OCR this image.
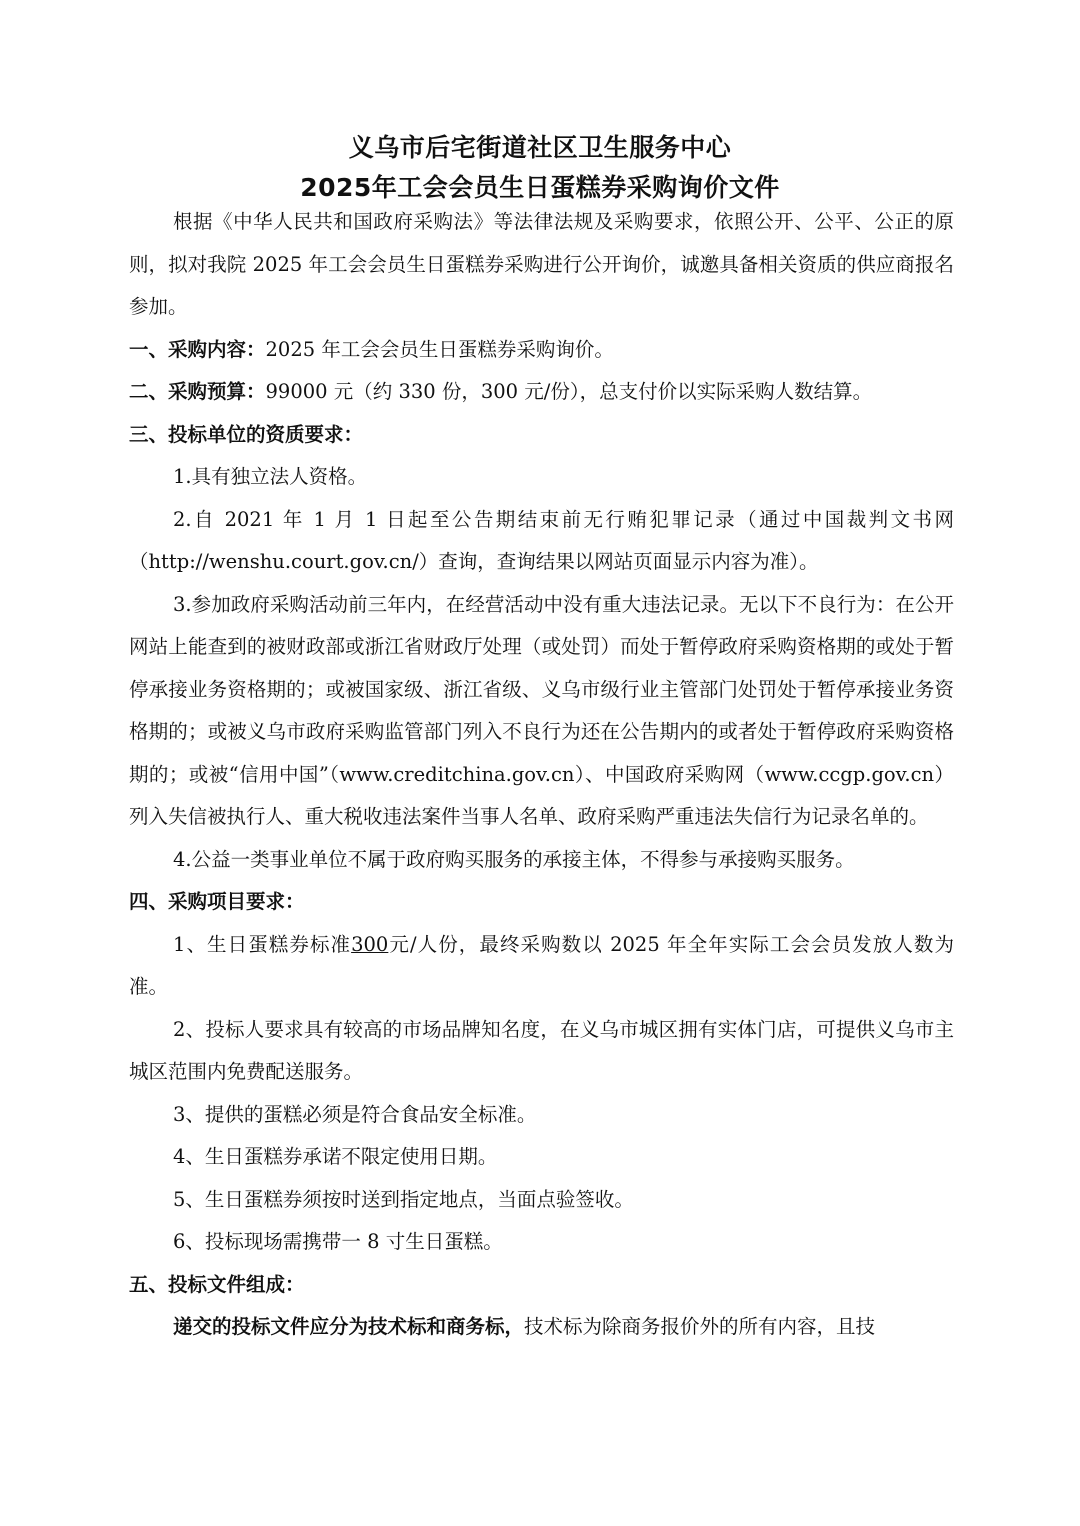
义乌市后宅街道社区卫生服务中心

2025年工会会员生日蛋糕券采购询价文件

根据《中华人民共和国政府采购法》等法律法规及采购要求，依照公开、公平、公正的原则，拟对我院 2025 年工会会员生日蛋糕券采购进行公开询价，诚邀具备相关资质的供应商报名参加。

一、采购内容：2025 年工会会员生日蛋糕券采购询价。

二、采购预算：99000 元（约 330 份，300 元/份），总支付价以实际采购人数结算。

三、投标单位的资质要求：

1.具有独立法人资格。

2.自 2021 年 1 月 1 日起至公告期结束前无行贿犯罪记录（通过中国裁判文书网（http://wenshu.court.gov.cn/）查询，查询结果以网站页面显示内容为准）。

3.参加政府采购活动前三年内，在经营活动中没有重大违法记录。无以下不良行为：在公开网站上能查到的被财政部或浙江省财政厅处理（或处罚）而处于暂停政府采购资格期的或处于暂停承接业务资格期的；或被国家级、浙江省级、义乌市级行业主管部门处罚处于暂停承接业务资格期的；或被义乌市政府采购监管部门列入不良行为还在公告期内的或者处于暂停政府采购资格期的；或被“信用中国”（www.creditchina.gov.cn）、中国政府采购网（www.ccgp.gov.cn）列入失信被执行人、重大税收违法案件当事人名单、政府采购严重违法失信行为记录名单的。

4.公益一类事业单位不属于政府购买服务的承接主体，不得参与承接购买服务。

四、采购项目要求：

1、生日蛋糕券标准300元/人份，最终采购数以 2025 年全年实际工会会员发放人数为准。

2、投标人要求具有较高的市场品牌知名度，在义乌市城区拥有实体门店，可提供义乌市主城区范围内免费配送服务。

3、提供的蛋糕必须是符合食品安全标准。

4、生日蛋糕券承诺不限定使用日期。

5、生日蛋糕券须按时送到指定地点，当面点验签收。

6、投标现场需携带一 8 寸生日蛋糕。

五、投标文件组成：

递交的投标文件应分为技术标和商务标，技术标为除商务报价外的所有内容，且技
